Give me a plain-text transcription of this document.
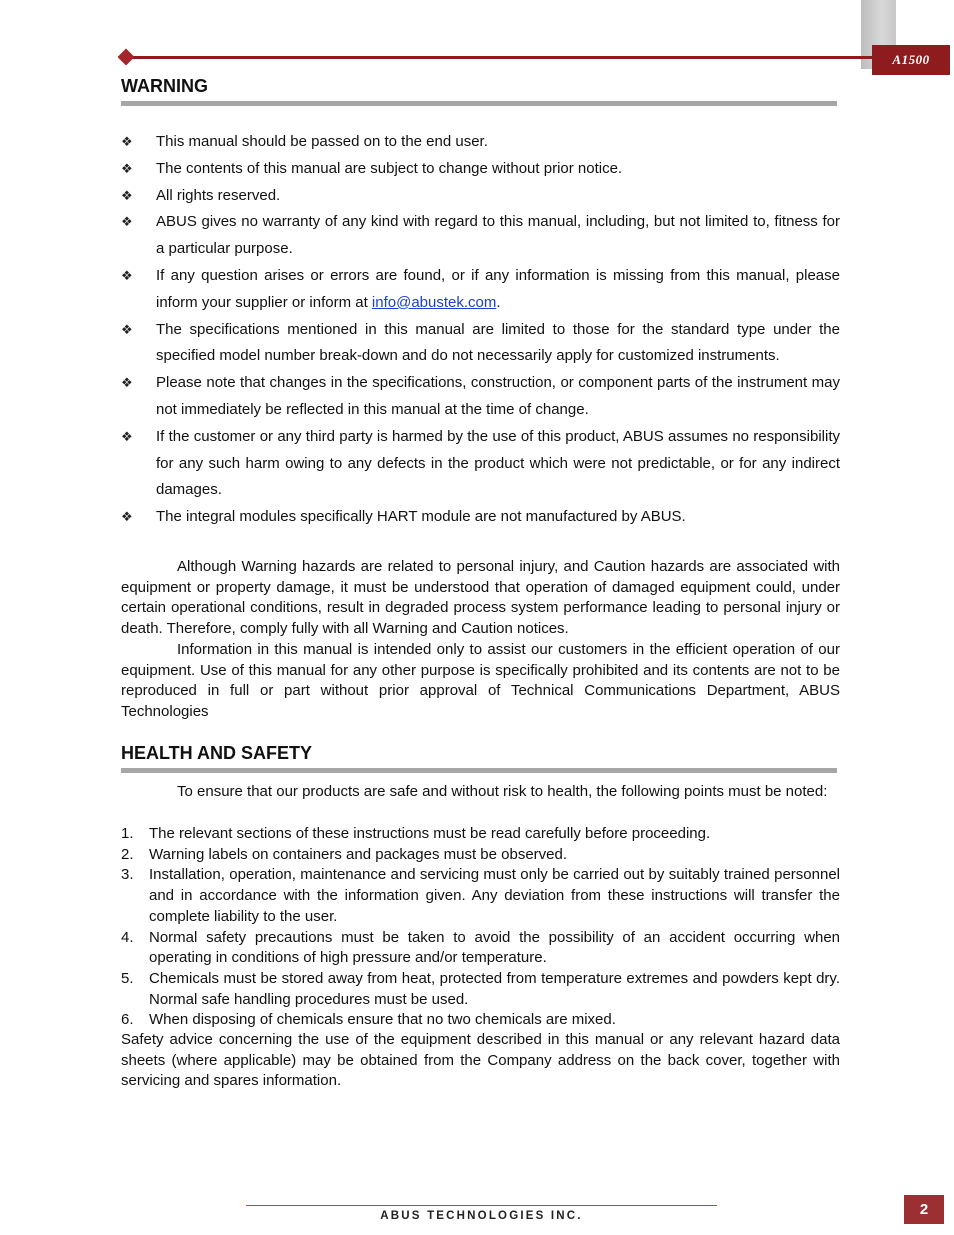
A1500
WARNING
❖ This manual should be passed on to the end user.
❖ The contents of this manual are subject to change without prior notice.
❖ All rights reserved.
❖ ABUS gives no warranty of any kind with regard to this manual, including, but not limited to, fitness for a particular purpose.
❖ If any question arises or errors are found, or if any information is missing from this manual, please inform your supplier or inform at info@abustek.com.
❖ The specifications mentioned in this manual are limited to those for the standard type under the specified model number break-down and do not necessarily apply for customized instruments.
❖ Please note that changes in the specifications, construction, or component parts of the instrument may not immediately be reflected in this manual at the time of change.
❖ If the customer or any third party is harmed by the use of this product, ABUS assumes no responsibility for any such harm owing to any defects in the product which were not predictable, or for any indirect damages.
❖ The integral modules specifically HART module are not manufactured by ABUS.

Although Warning hazards are related to personal injury, and Caution hazards are associated with equipment or property damage, it must be understood that operation of damaged equipment could, under certain operational conditions, result in degraded process system performance leading to personal injury or death. Therefore, comply fully with all Warning and Caution notices.

Information in this manual is intended only to assist our customers in the efficient operation of our equipment. Use of this manual for any other purpose is specifically prohibited and its contents are not to be reproduced in full or part without prior approval of Technical Communications Department, ABUS Technologies

HEALTH AND SAFETY

To ensure that our products are safe and without risk to health, the following points must be noted:

1. The relevant sections of these instructions must be read carefully before proceeding.
2. Warning labels on containers and packages must be observed.
3. Installation, operation, maintenance and servicing must only be carried out by suitably trained personnel and in accordance with the information given. Any deviation from these instructions will transfer the complete liability to the user.
4. Normal safety precautions must be taken to avoid the possibility of an accident occurring when operating in conditions of high pressure and/or temperature.
5. Chemicals must be stored away from heat, protected from temperature extremes and powders kept dry. Normal safe handling procedures must be used.
6. When disposing of chemicals ensure that no two chemicals are mixed.
Safety advice concerning the use of the equipment described in this manual or any relevant hazard data sheets (where applicable) may be obtained from the Company address on the back cover, together with servicing and spares information.
ABUS TECHNOLOGIES INC.	2
